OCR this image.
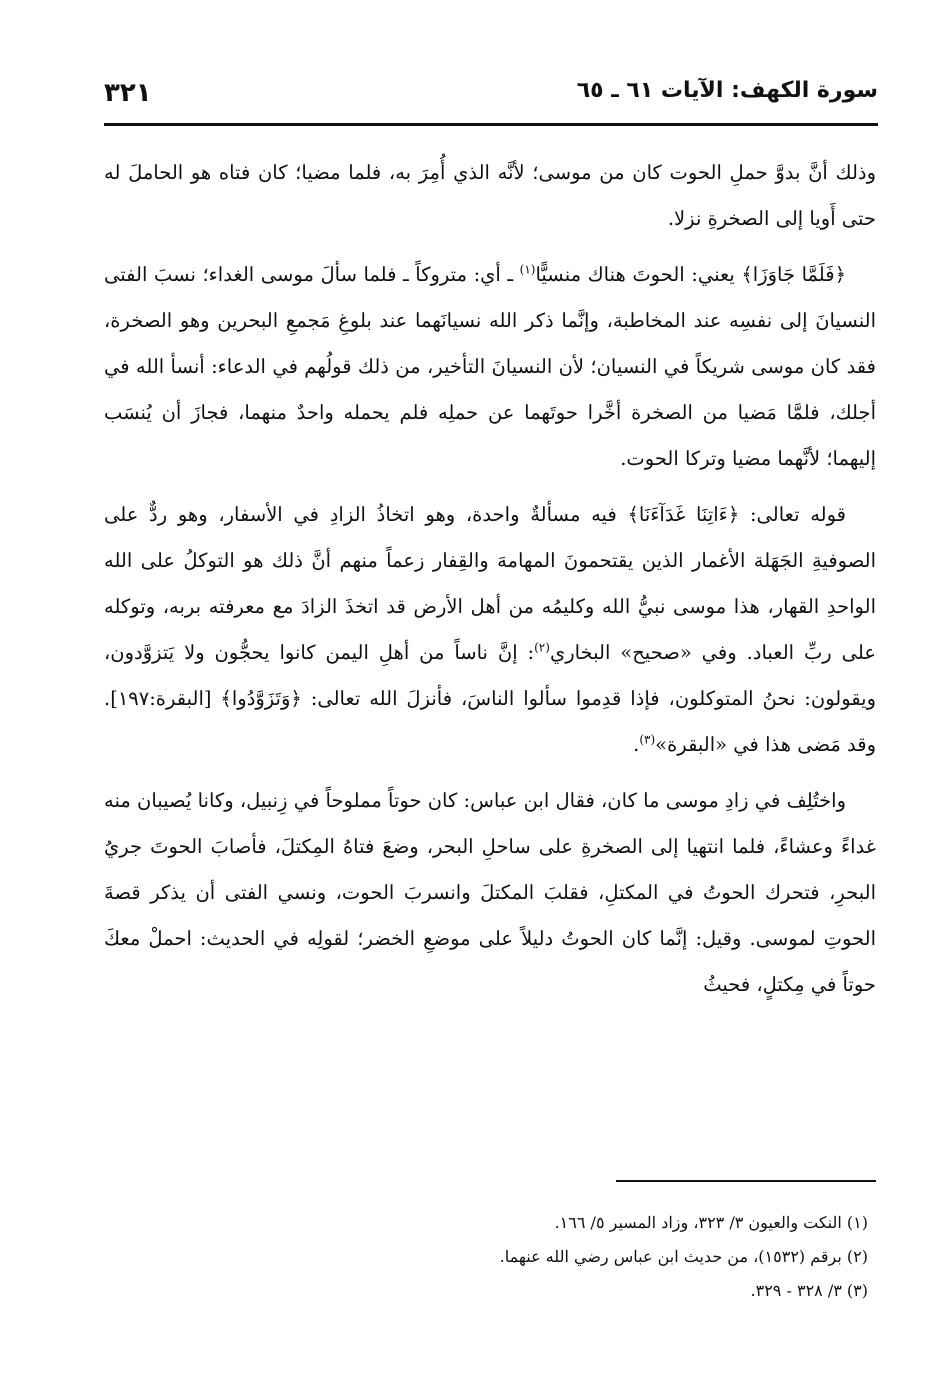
سورة الكهف: الآيات ٦١ ـ ٦٥
٣٢١

وذلك أنَّ بدوَّ حملِ الحوت كان من موسى؛ لأنَّه الذي أُمِرَ به، فلما مضيا؛ كان فتاه هو الحاملَ له حتى أَويا إلى الصخرةِ نزلا.

﴿فَلَمَّا جَاوَزَا﴾ يعني: الحوتَ هناك منسيًّا$^{(١)}$ ـ أي: متروكاً ـ فلما سألَ موسى الغداء؛ نسبَ الفتى النسيانَ إلى نفسِه عند المخاطبة، وإنَّما ذكر الله نسيانَهما عند بلوغِ مَجمعِ البحرين وهو الصخرة، فقد كان موسى شريكاً في النسيان؛ لأن النسيانَ التأخير، من ذلك قولُهم في الدعاء: أنسأ الله في أجلك، فلمَّا مَضيا من الصخرة أخَّرا حوتَهما عن حملِه فلم يحمله واحدٌ منهما، فجازَ أن يُنسَب إليهما؛ لأنَّهما مضيا وتركا الحوت.

قوله تعالى: ﴿ءَاتِنَا غَدَآءَنَا﴾ فيه مسألةٌ واحدة، وهو اتخاذُ الزادِ في الأسفار، وهو ردٌّ على الصوفيةِ الجَهَلة الأغمار الذين يقتحمونَ المهامهَ والقِفار زعماً منهم أنَّ ذلك هو التوكلُ على الله الواحدِ القهار، هذا موسى نبيُّ الله وكليمُه من أهل الأرض قد اتخذَ الزادَ مع معرفته بربه، وتوكله على ربِّ العباد. وفي «صحيح» البخاري$^{(٢)}$: إنَّ ناساً من أهلِ اليمن كانوا يحجُّون ولا يَتزوَّدون، ويقولون: نحنُ المتوكلون، فإذا قدِموا سألوا الناسَ، فأنزلَ الله تعالى: ﴿وَتَزَوَّدُوا﴾ [البقرة:١٩٧]. وقد مَضى هذا في «البقرة»$^{(٣)}$.

واختُلِف في زادِ موسى ما كان، فقال ابن عباس: كان حوتاً مملوحاً في زِنبيل، وكانا يُصيبان منه غداءً وعشاءً، فلما انتهيا إلى الصخرةِ على ساحلِ البحر، وضعَ فتاهُ المِكتلَ، فأصابَ الحوتَ جريُ البحرِ، فتحرك الحوتُ في المكتلِ، فقلبَ المكتلَ وانسربَ الحوت، ونسي الفتى أن يذكر قصةَ الحوتِ لموسى. وقيل: إنَّما كان الحوتُ دليلاً على موضعِ الخضر؛ لقولِه في الحديث: احملْ معكَ حوتاً في مِكتلٍ، فحيثُ

(١) النكت والعيون ٣/ ٣٢٣، وزاد المسير ٥/ ١٦٦.

(٢) برقم (١٥٣٢)، من حديث ابن عباس رضي الله عنهما.

(٣) ٣/ ٣٢٨ - ٣٢٩.
